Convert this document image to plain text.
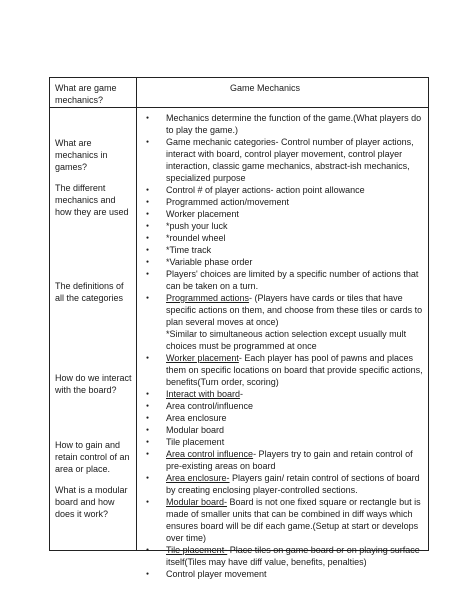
What are game mechanics?

Game Mechanics

What are mechanics in games?

The different mechanics and how they are used

The definitions of all the categories

How do we interact with the board?

How to gain and retain control of an area or place.

What is a modular board and how does it work?

● Mechanics determine the function of the game.(What players do to play the game.)
● Game mechanic categories- Control number of player actions, interact with board, control player movement, control player interaction, classic game mechanics, abstract-ish mechanics, specialized purpose
● Control # of player actions- action point allowance
● Programmed action/movement
● Worker placement
● *push your luck
● *roundel wheel
● *Time track
● *Variable phase order
● Players' choices are limited by a specific number of actions that can be taken on a turn.
● Programmed actions- (Players have cards or tiles that have specific actions on them, and choose from these tiles or cards to plan several moves at once)
*Similar to simultaneous action selection except usually mult choices must be programmed at once
● Worker placement- Each player has pool of pawns and places them on specific locations on board that provide specific actions, benefits(Turn order, scoring)
● Interact with board-
● Area control/influence
● Area enclosure
● Modular board
● Tile placement
● Area control influence- Players try to gain and retain control of pre-existing areas on board
● Area enclosure- Players gain/ retain control of sections of board by creating enclosing player-controlled sections.
● Modular board- Board is not one fixed square or rectangle but is made of smaller units that can be combined in diff ways which ensures board will be dif each game.(Setup at start or develops over time)
● Tile placement- Place tiles on game board or on playing surface itself(Tiles may have diff value, benefits, penalties)
● Control player movement
